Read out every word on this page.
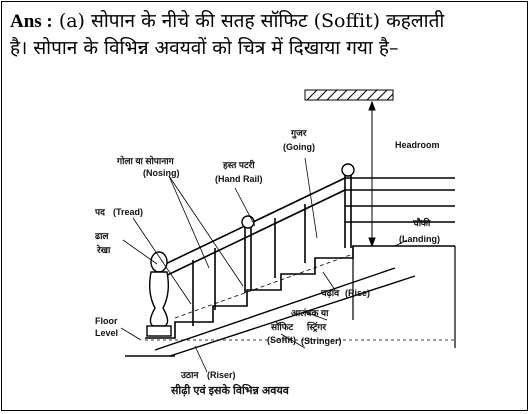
Ans : (a) सोपान के नीचे की सतह सॉफिट (Soffit) कहलाती
है। सोपान के विभिन्न अवयवों को चित्र में दिखाया गया है–
Headroom
गुजर
(Going)
गोला या सोपानाग
(Nosing)
हस्त पटरी
(Hand Rail)
पद (Tread)
ढाल
रेखा
चौकी
(Landing)
चढ़ाव (Rise)
आलंबक या
स्ट्रिंगर
(Stringer)
सॉफिट
(Soffit)
Floor
Level
उठान (Riser)
सीढ़ी एवं इसके विभिन्न अवयव
